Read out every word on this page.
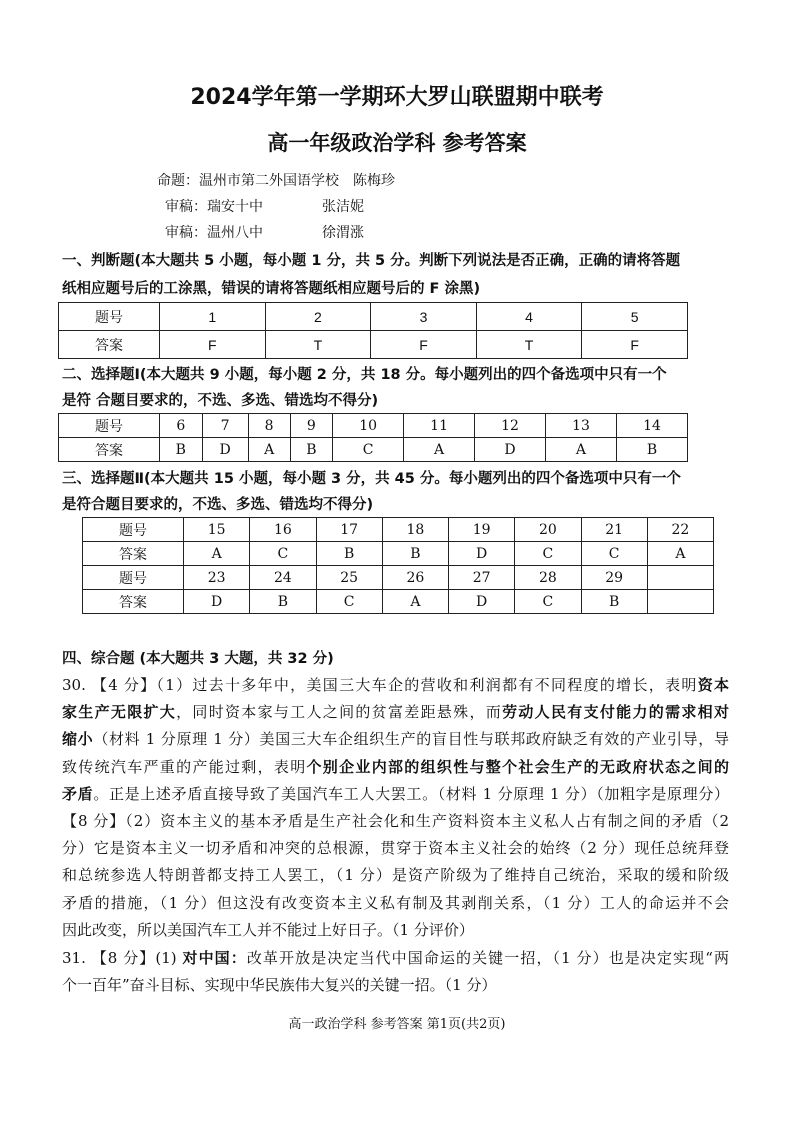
2024学年第一学期环大罗山联盟期中联考
高一年级政治学科 参考答案
命题：温州市第二外国语学校 陈梅珍
审稿：瑞安十中	张洁妮
审稿：温州八中	徐渭涨
一、判断题(本大题共 5 小题，每小题 1 分，共 5 分。判断下列说法是否正确，正确的请将答题
纸相应题号后的工涂黑，错误的请将答题纸相应题号后的 F 涂黑)
题号	1	2	3	4	5
答案	F	T	F	T	F
二、选择题Ⅰ(本大题共 9 小题，每小题 2 分，共 18 分。每小题列出的四个备选项中只有一个
是符 合题目要求的，不选、多选、错选均不得分)
题号	6	7	8	9	10	11	12	13	14
答案	B	D	A	B	C	A	D	A	B
三、选择题Ⅱ(本大题共 15 小题，每小题 3 分，共 45 分。每小题列出的四个备选项中只有一个
是符合题目要求的，不选、多选、错选均不得分)
题号	15	16	17	18	19	20	21	22
答案	A	C	B	B	D	C	C	A
题号	23	24	25	26	27	28	29	
答案	D	B	C	A	D	C	B	
四、综合题 (本大题共 3 大题，共 32 分)
30. 【4 分】（1）过去十多年中，美国三大车企的营收和利润都有不同程度的增长，表明资本
家生产无限扩大，同时资本家与工人之间的贫富差距悬殊，而劳动人民有支付能力的需求相对
缩小（材料 1 分原理 1 分）美国三大车企组织生产的盲目性与联邦政府缺乏有效的产业引导，导
致传统汽车严重的产能过剩，表明个别企业内部的组织性与整个社会生产的无政府状态之间的
矛盾。正是上述矛盾直接导致了美国汽车工人大罢工。（材料 1 分原理 1 分）（加粗字是原理分）
【8 分】（2）资本主义的基本矛盾是生产社会化和生产资料资本主义私人占有制之间的矛盾（2
分）它是资本主义一切矛盾和冲突的总根源，贯穿于资本主义社会的始终（2 分）现任总统拜登
和总统参选人特朗普都支持工人罢工，（1 分）是资产阶级为了维持自己统治，采取的缓和阶级
矛盾的措施，（1 分）但这没有改变资本主义私有制及其剥削关系，（1 分）工人的命运并不会
因此改变，所以美国汽车工人并不能过上好日子。（1 分评价）
31. 【8 分】(1) 对中国：改革开放是决定当代中国命运的关键一招，（1 分）也是决定实现“两
个一百年”奋斗目标、实现中华民族伟大复兴的关键一招。（1 分）
高一政治学科 参考答案 第1页(共2页)
